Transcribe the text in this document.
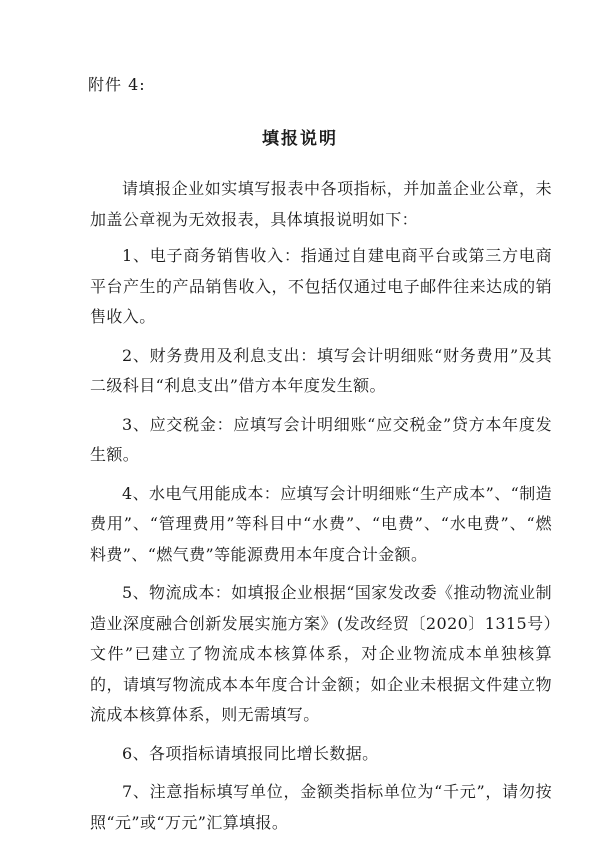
附件 4:
填报说明

请填报企业如实填写报表中各项指标，并加盖企业公章，未加盖公章视为无效报表，具体填报说明如下：

1、电子商务销售收入：指通过自建电商平台或第三方电商平台产生的产品销售收入，不包括仅通过电子邮件往来达成的销售收入。

2、财务费用及利息支出：填写会计明细账“财务费用”及其二级科目“利息支出”借方本年度发生额。

3、应交税金：应填写会计明细账“应交税金”贷方本年度发生额。

4、水电气用能成本：应填写会计明细账“生产成本”、“制造费用”、“管理费用”等科目中“水费”、“电费”、“水电费”、“燃料费”、“燃气费”等能源费用本年度合计金额。

5、物流成本：如填报企业根据“国家发改委《推动物流业制造业深度融合创新发展实施方案》(发改经贸〔2020〕1315号）文件”已建立了物流成本核算体系，对企业物流成本单独核算的，请填写物流成本本年度合计金额；如企业未根据文件建立物流成本核算体系，则无需填写。

6、各项指标请填报同比增长数据。

7、注意指标填写单位，金额类指标单位为“千元”，请勿按照“元”或“万元”汇算填报。
